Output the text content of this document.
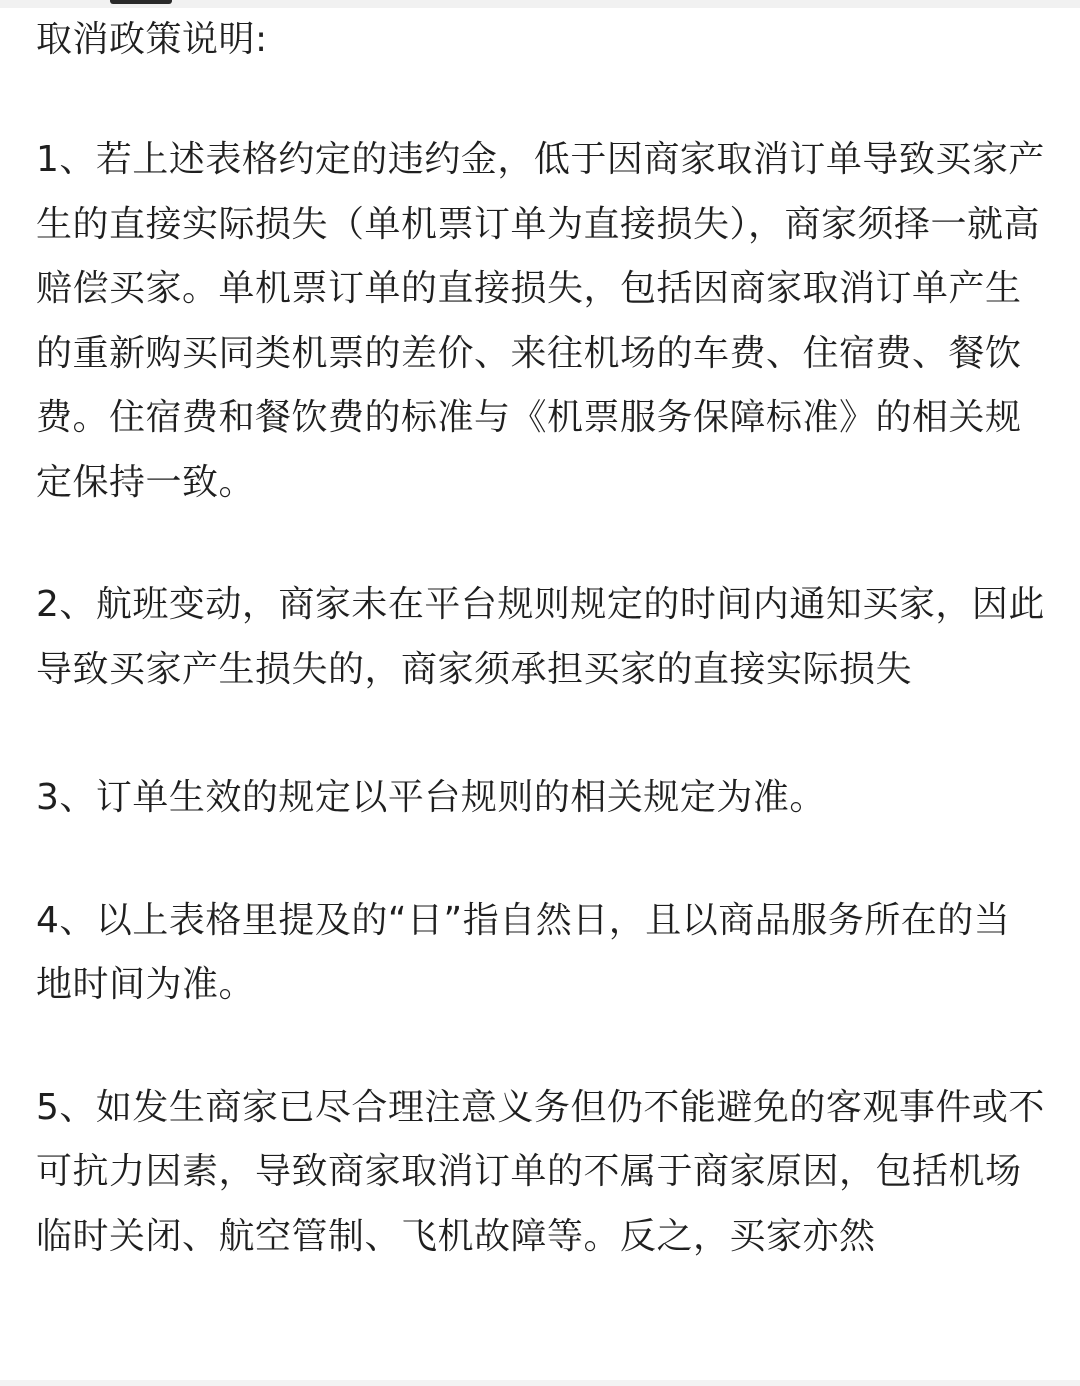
取消政策说明:

1、若上述表格约定的违约金，低于因商家取消订单导致买家产生的直接实际损失（单机票订单为直接损失），商家须择一就高赔偿买家。单机票订单的直接损失，包括因商家取消订单产生的重新购买同类机票的差价、来往机场的车费、住宿费、餐饮费。住宿费和餐饮费的标准与《机票服务保障标准》的相关规定保持一致。

2、航班变动，商家未在平台规则规定的时间内通知买家，因此导致买家产生损失的，商家须承担买家的直接实际损失

3、订单生效的规定以平台规则的相关规定为准。

4、以上表格里提及的“日”指自然日，且以商品服务所在的当地时间为准。

5、如发生商家已尽合理注意义务但仍不能避免的客观事件或不可抗力因素，导致商家取消订单的不属于商家原因，包括机场临时关闭、航空管制、飞机故障等。反之，买家亦然
